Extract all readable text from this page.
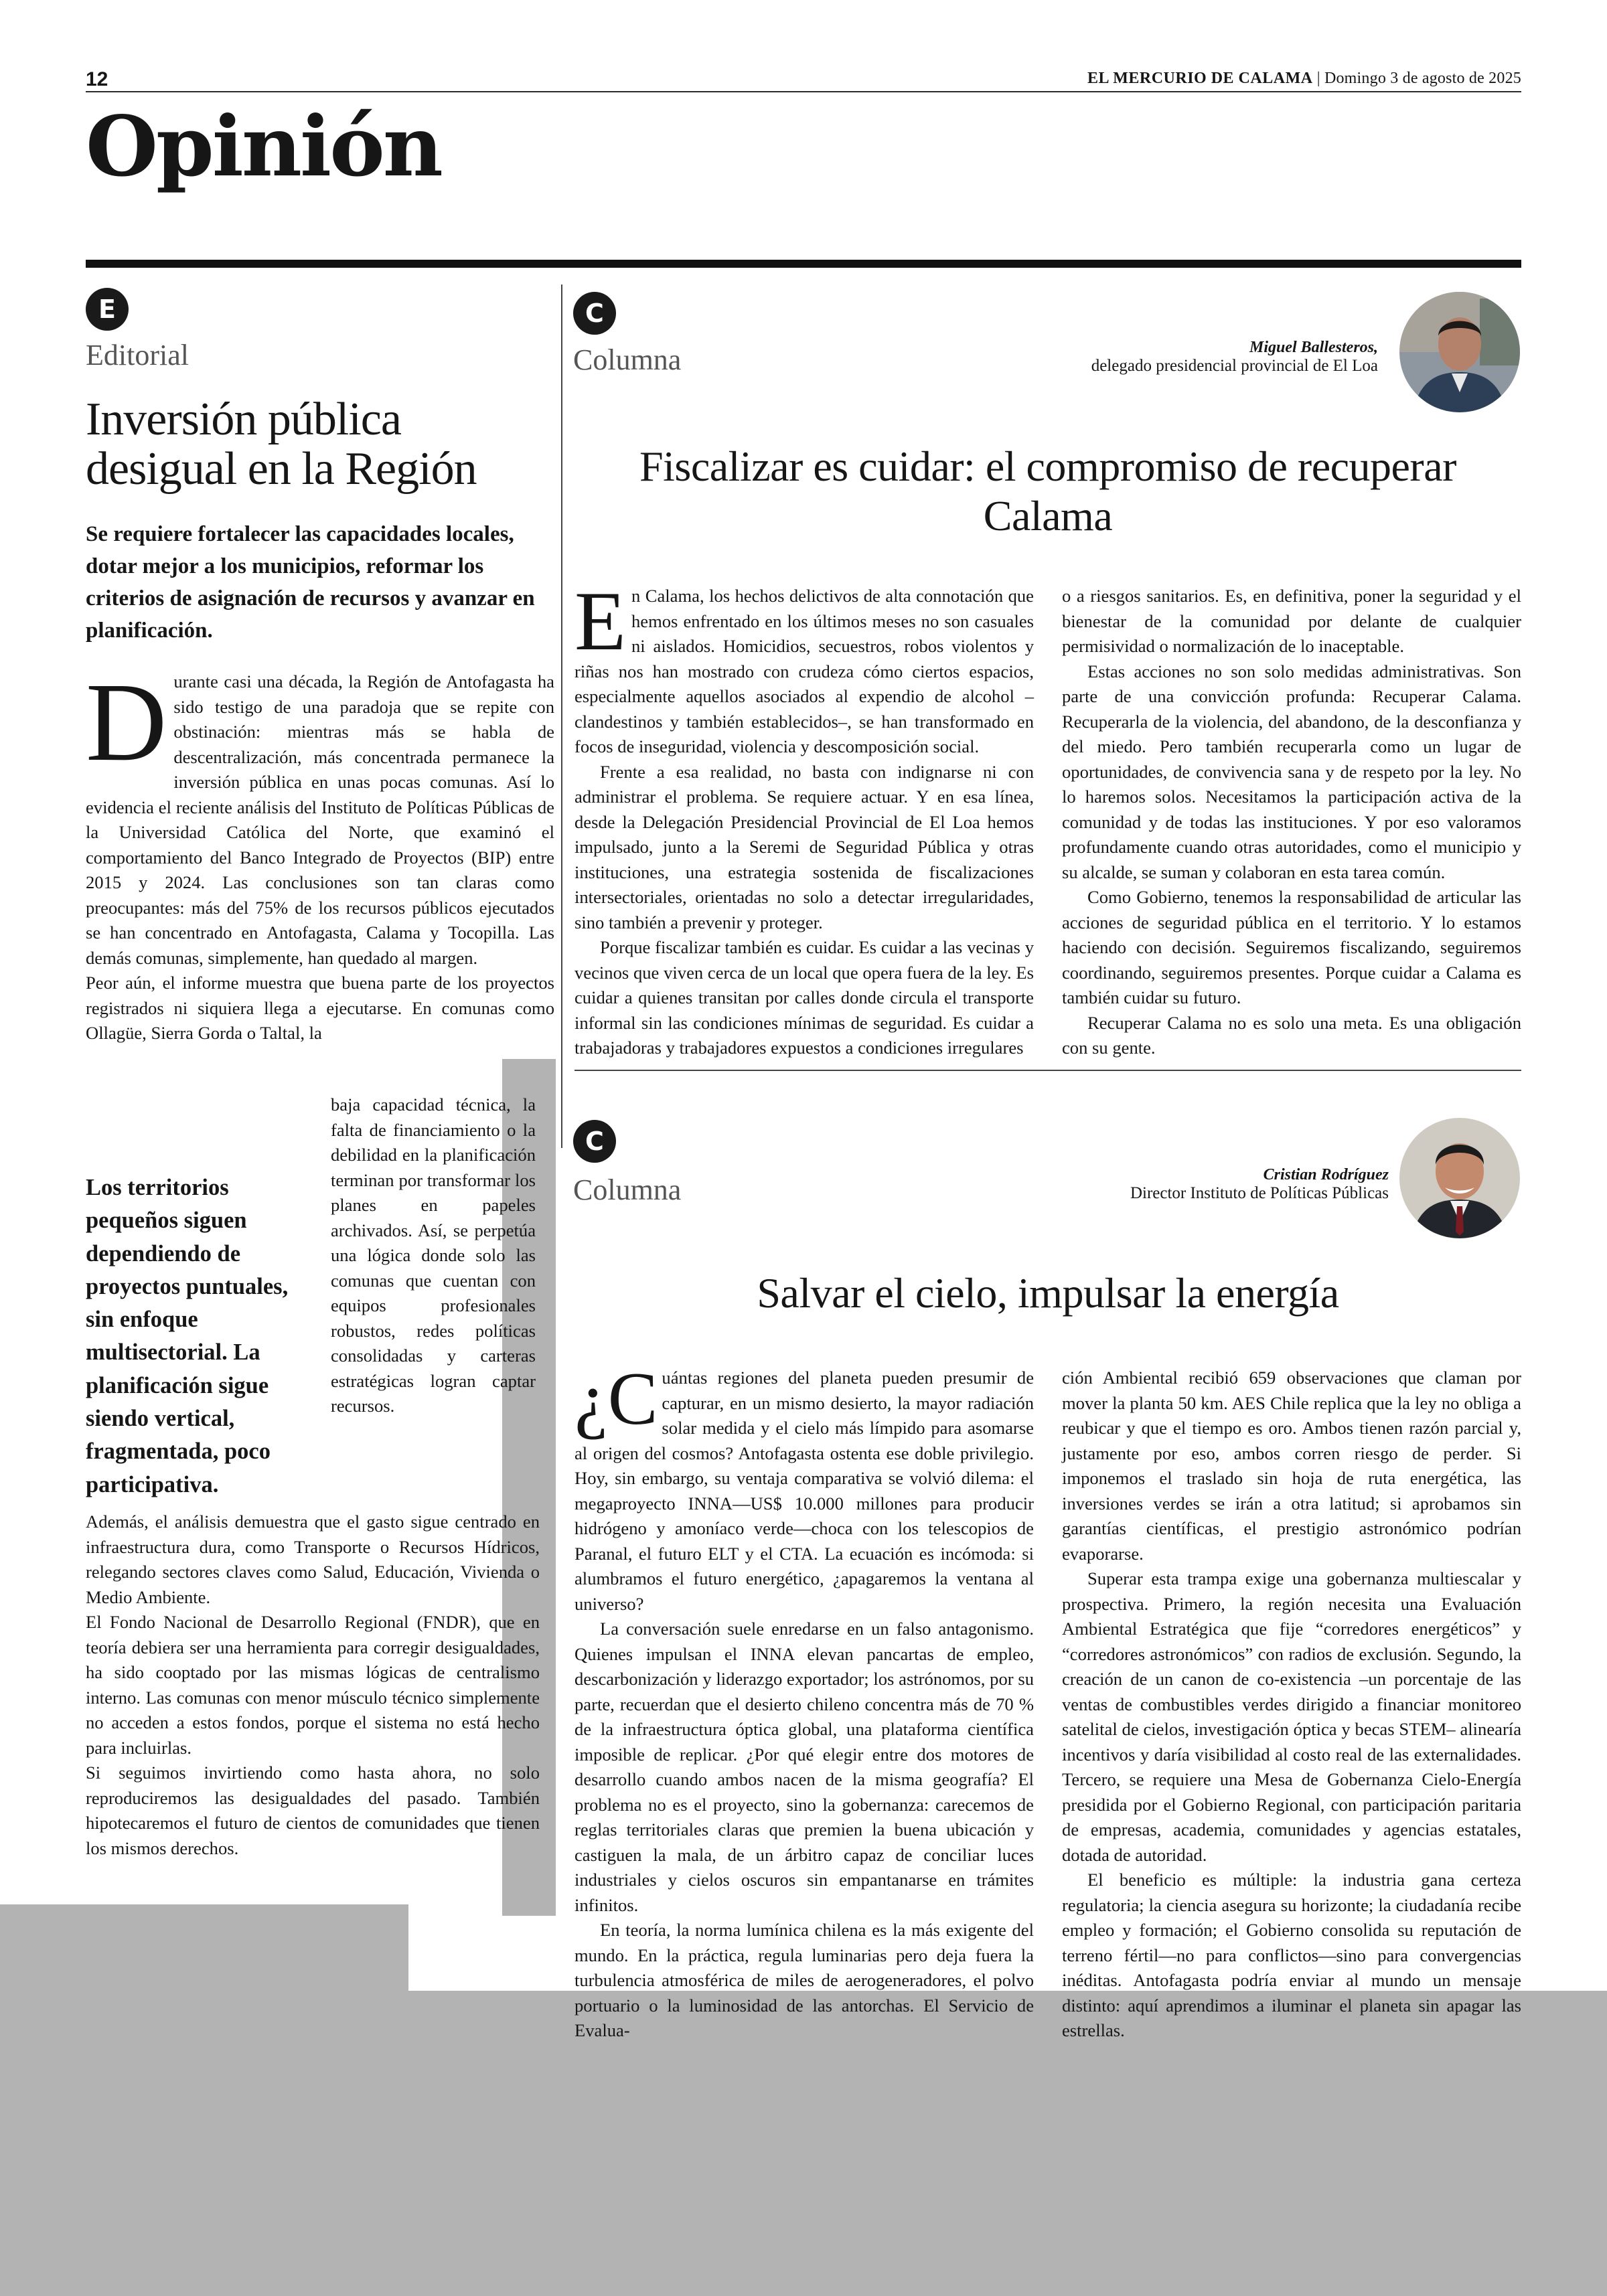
12	EL MERCURIO DE CALAMA | Domingo 3 de agosto de 2025
Opinión
E
Editorial
Inversión pública desigual en la Región
Se requiere fortalecer las capacidades locales, dotar mejor a los municipios, reformar los criterios de asignación de recursos y avanzar en planificación.
D urante casi una década, la Región de Antofagasta ha sido testigo de una paradoja que se repite con obstinación: mientras más se habla de descentralización, más concentrada permanece la inversión pública en unas pocas comunas. Así lo evidencia el reciente análisis del Instituto de Políticas Públicas de la Universidad Católica del Norte, que examinó el comportamiento del Banco Integrado de Proyectos (BIP) entre 2015 y 2024. Las conclusiones son tan claras como preocupantes: más del 75% de los recursos públicos ejecutados se han concentrado en Antofagasta, Calama y Tocopilla. Las demás comunas, simplemente, han quedado al margen.

Peor aún, el informe muestra que buena parte de los proyectos registrados ni siquiera llega a ejecutarse. En comunas como Ollagüe, Sierra Gorda o Taltal, la

baja capacidad técnica, la falta de financiamiento o la debilidad en la planificación terminan por transformar los planes en papeles archivados. Así, se perpetúa una lógica donde solo las comunas que cuentan con equipos profesionales robustos, redes políticas consolidadas y carteras estratégicas logran captar recursos.

Los territorios pequeños siguen dependiendo de proyectos puntuales, sin enfoque multisectorial. La planificación sigue siendo vertical, fragmentada, poco participativa.

Además, el análisis demuestra que el gasto sigue centrado en infraestructura dura, como Transporte o Recursos Hídricos, relegando sectores claves como Salud, Educación, Vivienda o Medio Ambiente.

El Fondo Nacional de Desarrollo Regional (FNDR), que en teoría debiera ser una herramienta para corregir desigualdades, ha sido cooptado por las mismas lógicas de centralismo interno. Las comunas con menor músculo técnico simplemente no acceden a estos fondos, porque el sistema no está hecho para incluirlas.

Si seguimos invirtiendo como hasta ahora, no solo reproduciremos las desigualdades del pasado. También hipotecaremos el futuro de cientos de comunidades que tienen los mismos derechos.

C
Columna	Miguel Ballesteros,
delegado presidencial provincial de El Loa
Fiscalizar es cuidar: el compromiso de recuperar Calama
E n Calama, los hechos delictivos de alta connotación que hemos enfrentado en los últimos meses no son casuales ni aislados. Homicidios, secuestros, robos violentos y riñas nos han mostrado con crudeza cómo ciertos espacios, especialmente aquellos asociados al expendio de alcohol –clandestinos y también establecidos–, se han transformado en focos de inseguridad, violencia y descomposición social.

Frente a esa realidad, no basta con indignarse ni con administrar el problema. Se requiere actuar. Y en esa línea, desde la Delegación Presidencial Provincial de El Loa hemos impulsado, junto a la Seremi de Seguridad Pública y otras instituciones, una estrategia sostenida de fiscalizaciones intersectoriales, orientadas no solo a detectar irregularidades, sino también a prevenir y proteger.

Porque fiscalizar también es cuidar. Es cuidar a las vecinas y vecinos que viven cerca de un local que opera fuera de la ley. Es cuidar a quienes transitan por calles donde circula el transporte informal sin las condiciones mínimas de seguridad. Es cuidar a trabajadoras y trabajadores expuestos a condiciones irregulares

o a riesgos sanitarios. Es, en definitiva, poner la seguridad y el bienestar de la comunidad por delante de cualquier permisividad o normalización de lo inaceptable.

Estas acciones no son solo medidas administrativas. Son parte de una convicción profunda: Recuperar Calama. Recuperarla de la violencia, del abandono, de la desconfianza y del miedo. Pero también recuperarla como un lugar de oportunidades, de convivencia sana y de respeto por la ley. No lo haremos solos. Necesitamos la participación activa de la comunidad y de todas las instituciones. Y por eso valoramos profundamente cuando otras autoridades, como el municipio y su alcalde, se suman y colaboran en esta tarea común.

Como Gobierno, tenemos la responsabilidad de articular las acciones de seguridad pública en el territorio. Y lo estamos haciendo con decisión. Seguiremos fiscalizando, seguiremos coordinando, seguiremos presentes. Porque cuidar a Calama es también cuidar su futuro.

Recuperar Calama no es solo una meta. Es una obligación con su gente.

C
Columna	Cristian Rodríguez
Director Instituto de Políticas Públicas
Salvar el cielo, impulsar la energía
¿C uántas regiones del planeta pueden presumir de capturar, en un mismo desierto, la mayor radiación solar medida y el cielo más límpido para asomarse al origen del cosmos? Antofagasta ostenta ese doble privilegio. Hoy, sin embargo, su ventaja comparativa se volvió dilema: el megaproyecto INNA—US$ 10.000 millones para producir hidrógeno y amoníaco verde—choca con los telescopios de Paranal, el futuro ELT y el CTA. La ecuación es incómoda: si alumbramos el futuro energético, ¿apagaremos la ventana al universo?

La conversación suele enredarse en un falso antagonismo. Quienes impulsan el INNA elevan pancartas de empleo, descarbonización y liderazgo exportador; los astrónomos, por su parte, recuerdan que el desierto chileno concentra más de 70 % de la infraestructura óptica global, una plataforma científica imposible de replicar. ¿Por qué elegir entre dos motores de desarrollo cuando ambos nacen de la misma geografía? El problema no es el proyecto, sino la gobernanza: carecemos de reglas territoriales claras que premien la buena ubicación y castiguen la mala, de un árbitro capaz de conciliar luces industriales y cielos oscuros sin empantanarse en trámites infinitos.

En teoría, la norma lumínica chilena es la más exigente del mundo. En la práctica, regula luminarias pero deja fuera la turbulencia atmosférica de miles de aerogeneradores, el polvo portuario o la luminosidad de las antorchas. El Servicio de Evalua-

ción Ambiental recibió 659 observaciones que claman por mover la planta 50 km. AES Chile replica que la ley no obliga a reubicar y que el tiempo es oro. Ambos tienen razón parcial y, justamente por eso, ambos corren riesgo de perder. Si imponemos el traslado sin hoja de ruta energética, las inversiones verdes se irán a otra latitud; si aprobamos sin garantías científicas, el prestigio astronómico podrían evaporarse.

Superar esta trampa exige una gobernanza multiescalar y prospectiva. Primero, la región necesita una Evaluación Ambiental Estratégica que fije “corredores energéticos” y “corredores astronómicos” con radios de exclusión. Segundo, la creación de un canon de co-existencia –un porcentaje de las ventas de combustibles verdes dirigido a financiar monitoreo satelital de cielos, investigación óptica y becas STEM– alinearía incentivos y daría visibilidad al costo real de las externalidades. Tercero, se requiere una Mesa de Gobernanza Cielo-Energía presidida por el Gobierno Regional, con participación paritaria de empresas, academia, comunidades y agencias estatales, dotada de autoridad.

El beneficio es múltiple: la industria gana certeza regulatoria; la ciencia asegura su horizonte; la ciudadanía recibe empleo y formación; el Gobierno consolida su reputación de terreno fértil—no para conflictos—sino para convergencias inéditas. Antofagasta podría enviar al mundo un mensaje distinto: aquí aprendimos a iluminar el planeta sin apagar las estrellas.
